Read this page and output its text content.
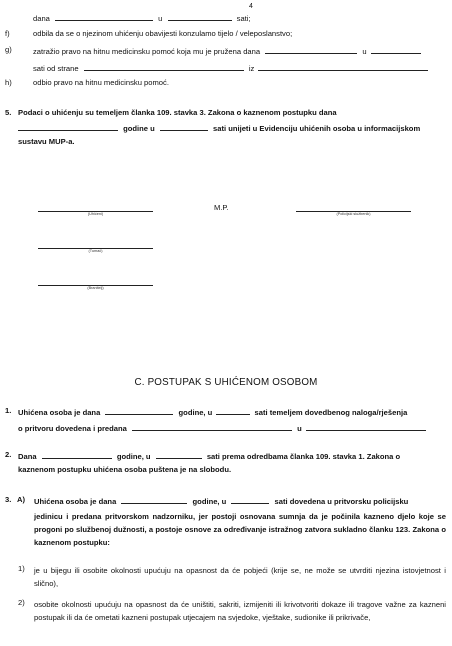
4
dana	u	sati;
f)	odbila da se o njezinom uhićenju obavijesti konzulamo tijelo / veleposlanstvo;
g)	zatražio pravo na hitnu medicinsku pomoć koja mu je pružena dana	u
sati od strane	iz
h)	odbio pravo na hitnu medicinsku pomoć.
5. Podaci o uhićenju su temeljem članka 109. stavka 3. Zakona o kaznenom postupku dana
godine u	sati unijeti u Evidenciju uhićenih osoba u informacijskom
sustavu MUP-a.
(Uhićeni)
M.P.
(Policijski službenik)
(Tumač)
(Branitelj)
C. POSTUPAK S UHIĆENOM OSOBOM
1. Uhićena osoba je dana	godine, u	sati temeljem dovedbenog naloga/rješenja
o pritvoru dovedena i predana	u
2. Dana	godine, u	sati prema odredbama članka 109. stavka 1. Zakona o
kaznenom postupku uhićena osoba puštena je na slobodu.
3. A) Uhićena osoba je dana	godine, u	sati dovedena u pritvorsku policijsku
jedinicu i predana pritvorskom nadzorniku, jer postoji osnovana sumnja da je počinila kazneno djelo koje se progoni po službenoj dužnosti, a postoje osnove za određivanje istražnog zatvora sukladno članku 123. Zakona o kaznenom postupku:
1) je u bijegu ili osobite okolnosti upućuju na opasnost da će pobjeći (krije se, ne može se utvrditi njezina istovjetnost i slično),
2) osobite okolnosti upućuju na opasnost da će uništiti, sakriti, izmijeniti ili krivotvoriti dokaze ili tragove važne za kazneni postupak ili da će ometati kazneni postupak utjecajem na svjedoke, vještake, sudionike ili prikrivače,
